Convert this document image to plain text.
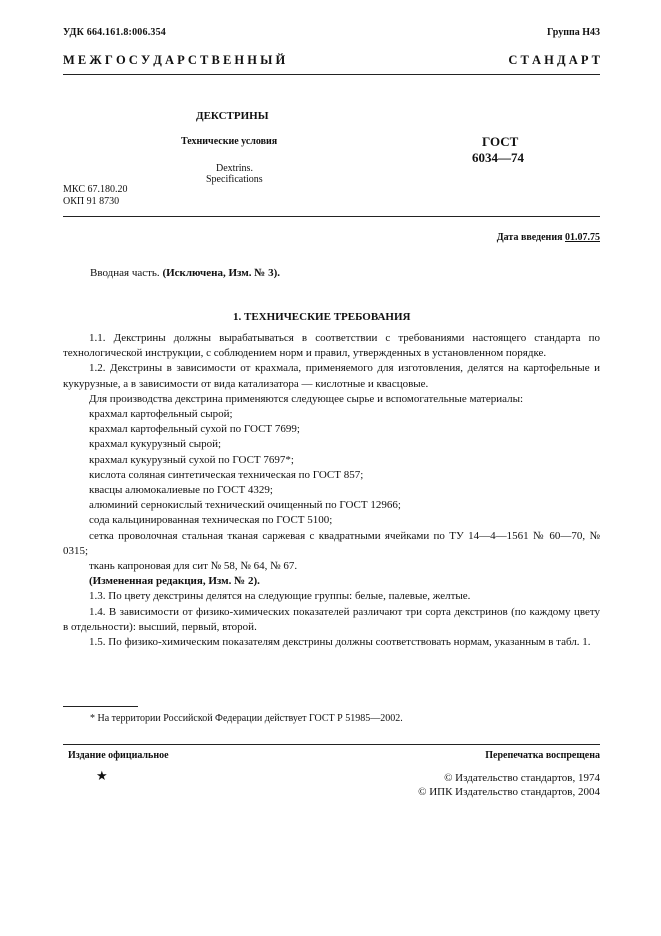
УДК 664.161.8:006.354	Группа Н43
М Е Ж Г О С У Д А Р С Т В Е Н Н Ы Й	С Т А Н Д А Р Т
ДЕКСТРИНЫ
Технические условия
Dextrins.
Specifications
ГОСТ
6034—74
МКС 67.180.20
ОКП 91 8730
Дата введения 01.07.75
Вводная часть. (Исключена, Изм. № 3).
1. ТЕХНИЧЕСКИЕ ТРЕБОВАНИЯ

1.1. Декстрины должны вырабатываться в соответствии с требованиями настоящего стандарта по технологической инструкции, с соблюдением норм и правил, утвержденных в установленном порядке.

1.2. Декстрины в зависимости от крахмала, применяемого для изготовления, делятся на картофельные и кукурузные, а в зависимости от вида катализатора — кислотные и квасцовые.

Для производства декстрина применяются следующее сырье и вспомогательные материалы:

крахмал картофельный сырой;

крахмал картофельный сухой по ГОСТ 7699;

крахмал кукурузный сырой;

крахмал кукурузный сухой по ГОСТ 7697*;

кислота соляная синтетическая техническая по ГОСТ 857;

квасцы алюмокалиевые по ГОСТ 4329;

алюминий сернокислый технический очищенный по ГОСТ 12966;

сода кальцинированная техническая по ГОСТ 5100;

сетка проволочная стальная тканая саржевая с квадратными ячейками по ТУ 14—4—1561 № 60—70, № 0315;

ткань капроновая для сит № 58, № 64, № 67.

(Измененная редакция, Изм. № 2).

1.3. По цвету декстрины делятся на следующие группы: белые, палевые, желтые.

1.4. В зависимости от физико-химических показателей различают три сорта декстринов (по каждому цвету в отдельности): высший, первый, второй.

1.5. По физико-химическим показателям декстрины должны соответствовать нормам, указанным в табл. 1.

* На территории Российской Федерации действует ГОСТ Р 51985—2002.
Издание официальное	Перепечатка воспрещена
★	© Издательство стандартов, 1974
© ИПК Издательство стандартов, 2004
